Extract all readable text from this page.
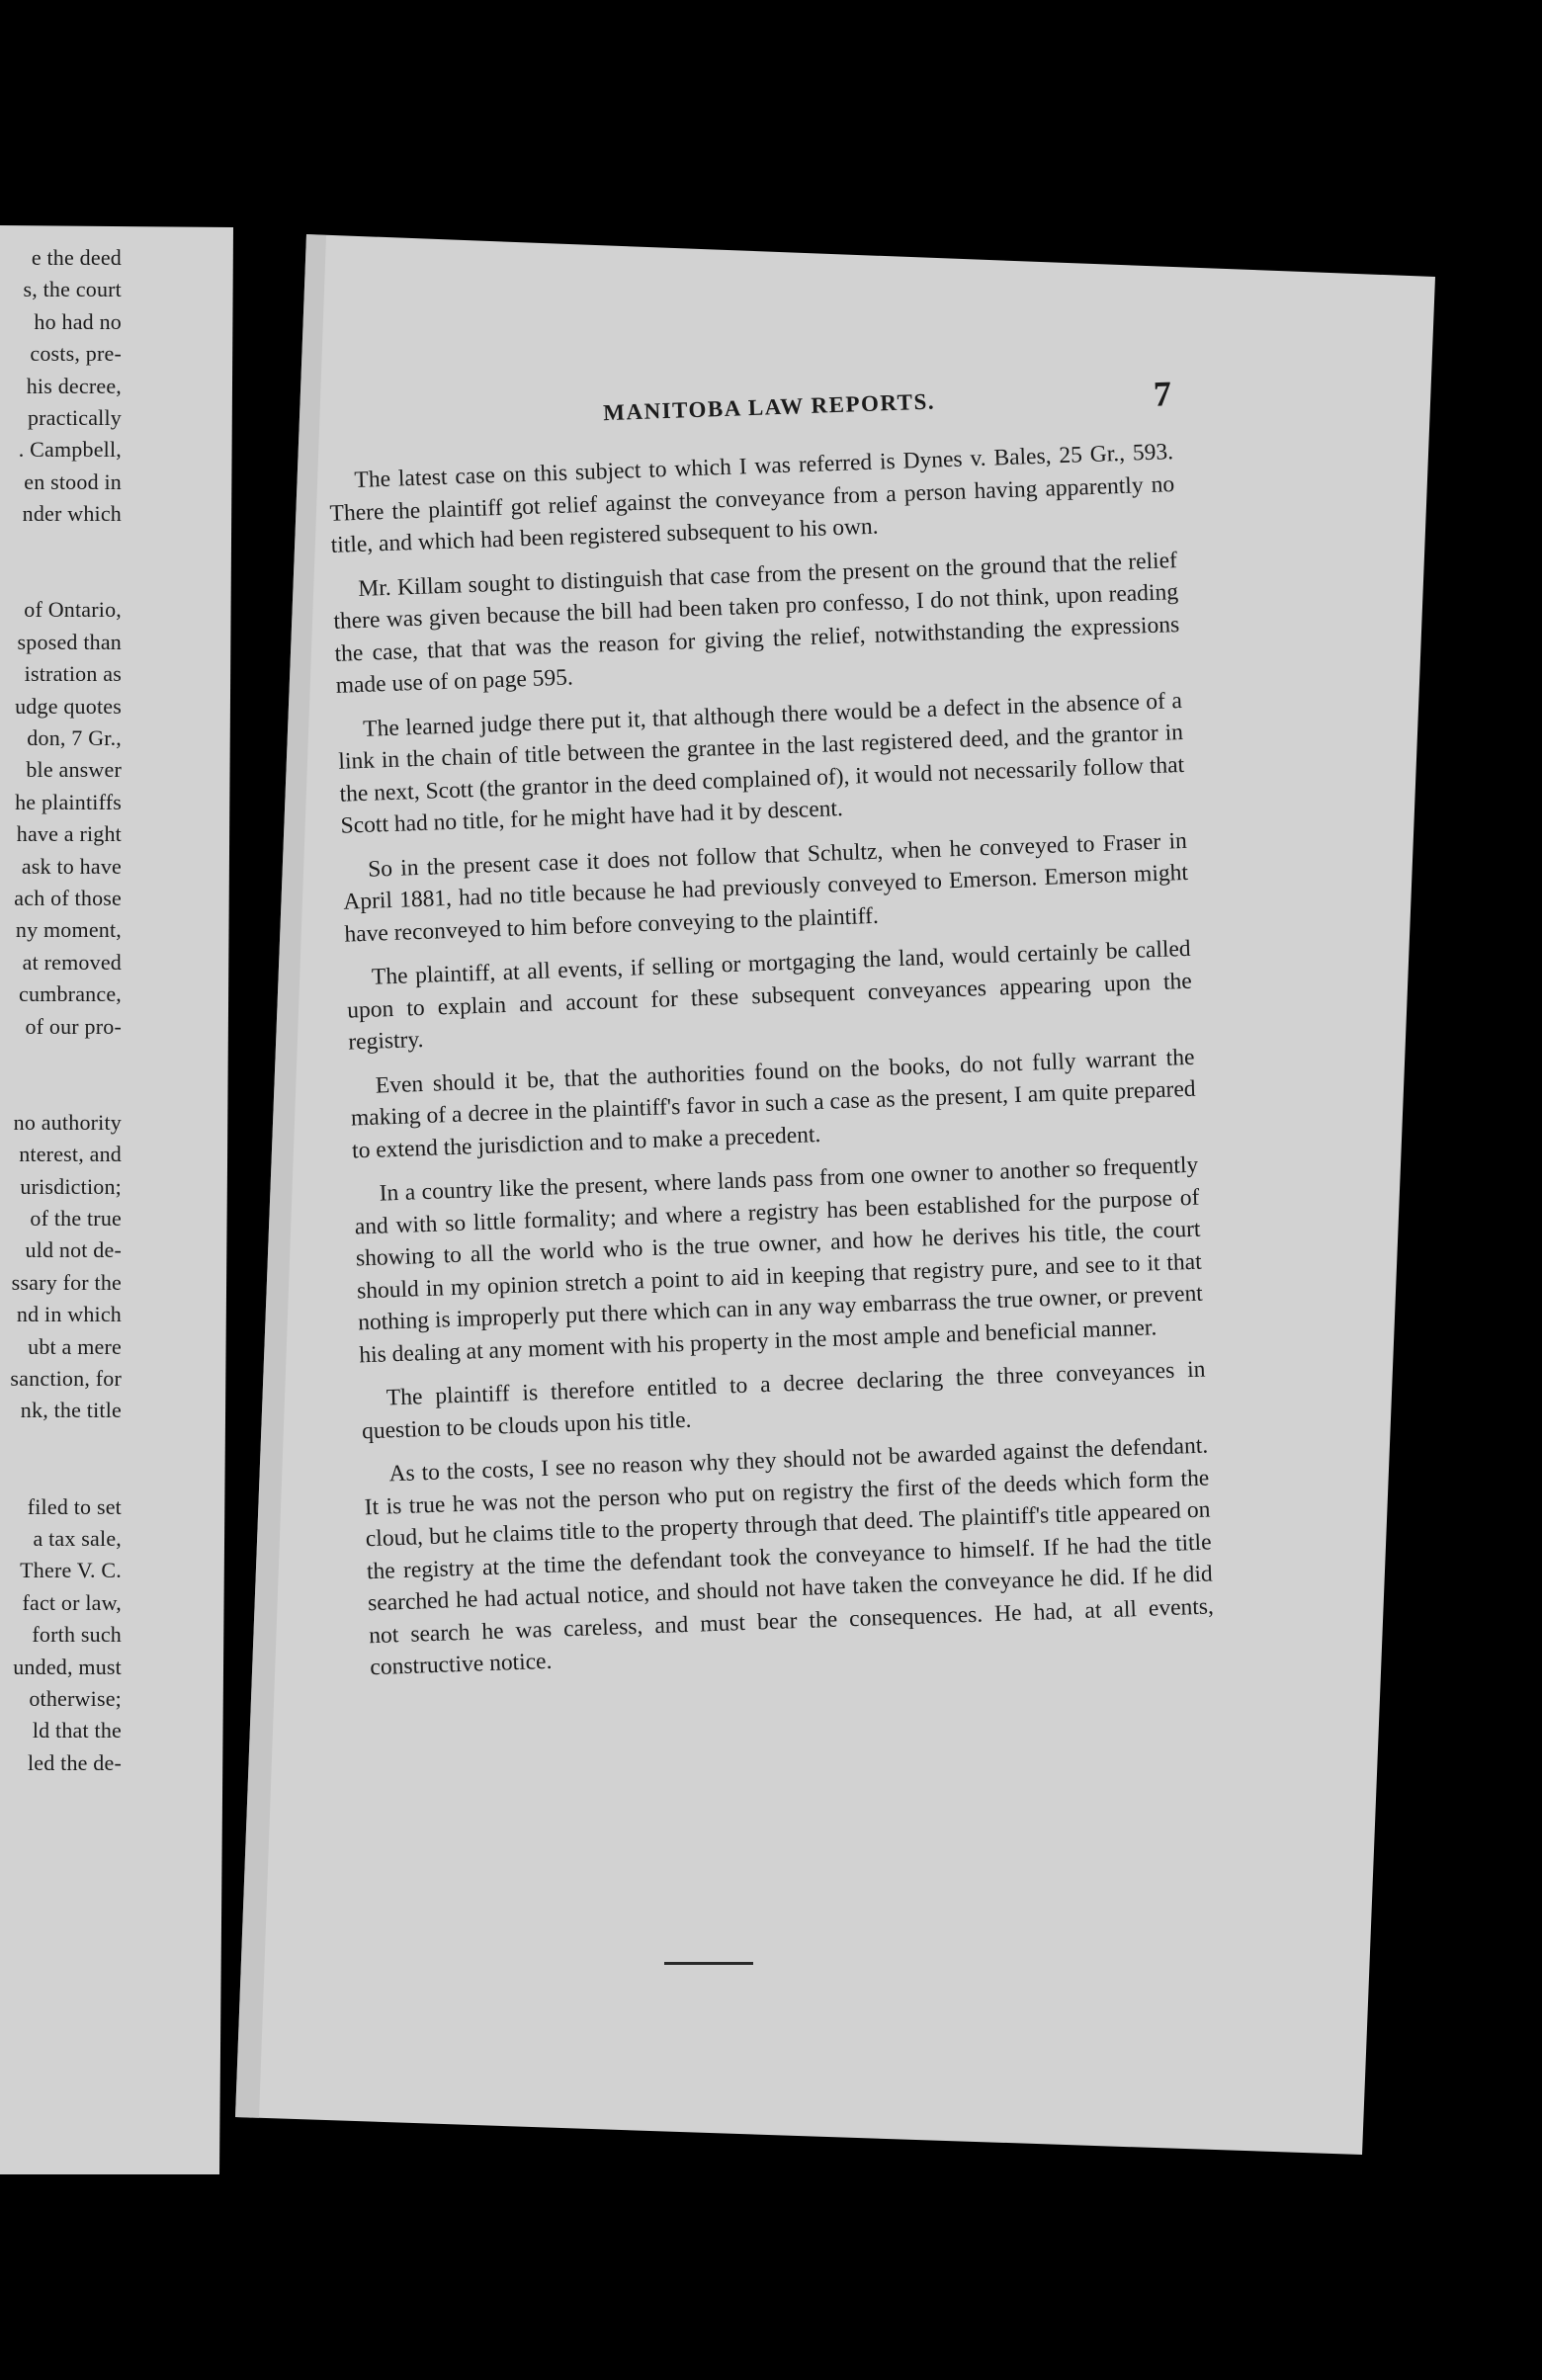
e the deed
s, the court
ho had no
costs, pre-
his decree,
practically
. Campbell,
en stood in
nder which
of Ontario,
sposed than
istration as
udge quotes
don, 7 Gr.,
ble answer
he plaintiffs
have a right
ask to have
ach of those
ny moment,
at removed
cumbrance,
of our pro-
no authority
nterest, and
urisdiction;
of the true
uld not de-
ssary for the
nd in which
ubt a mere
sanction, for
nk, the title
filed to set
a tax sale,
There V. C.
fact or law,
forth such
unded, must
otherwise;
ld that the
led the de-
MANITOBA LAW REPORTS.	7

The latest case on this subject to which I was referred is Dynes v. Bales, 25 Gr., 593. There the plaintiff got relief against the conveyance from a person having apparently no title, and which had been registered subsequent to his own.

Mr. Killam sought to distinguish that case from the present on the ground that the relief there was given because the bill had been taken pro confesso, I do not think, upon reading the case, that that was the reason for giving the relief, notwithstanding the expressions made use of on page 595.

The learned judge there put it, that although there would be a defect in the absence of a link in the chain of title between the grantee in the last registered deed, and the grantor in the next, Scott (the grantor in the deed complained of), it would not necessarily follow that Scott had no title, for he might have had it by descent.

So in the present case it does not follow that Schultz, when he conveyed to Fraser in April 1881, had no title because he had previously conveyed to Emerson. Emerson might have reconveyed to him before conveying to the plaintiff.

The plaintiff, at all events, if selling or mortgaging the land, would certainly be called upon to explain and account for these subsequent conveyances appearing upon the registry.

Even should it be, that the authorities found on the books, do not fully warrant the making of a decree in the plaintiff's favor in such a case as the present, I am quite prepared to extend the jurisdiction and to make a precedent.

In a country like the present, where lands pass from one owner to another so frequently and with so little formality; and where a registry has been established for the purpose of showing to all the world who is the true owner, and how he derives his title, the court should in my opinion stretch a point to aid in keeping that registry pure, and see to it that nothing is improperly put there which can in any way embarrass the true owner, or prevent his dealing at any moment with his property in the most ample and beneficial manner.

The plaintiff is therefore entitled to a decree declaring the three conveyances in question to be clouds upon his title.

As to the costs, I see no reason why they should not be awarded against the defendant. It is true he was not the person who put on registry the first of the deeds which form the cloud, but he claims title to the property through that deed. The plaintiff's title appeared on the registry at the time the defendant took the conveyance to himself. If he had the title searched he had actual notice, and should not have taken the conveyance he did. If he did not search he was careless, and must bear the consequences. He had, at all events, constructive notice.
